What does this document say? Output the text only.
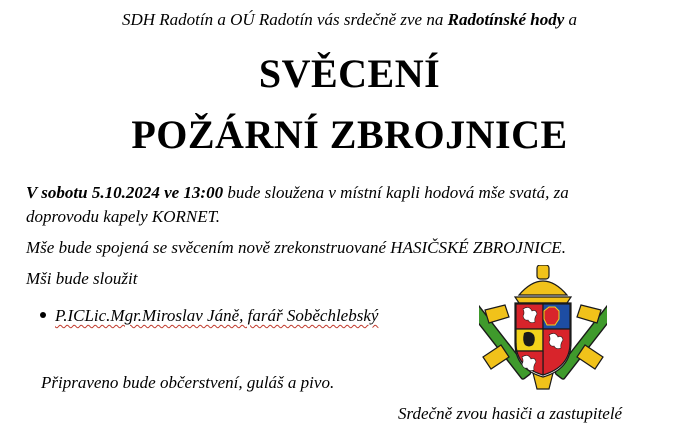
SDH Radotín a OÚ Radotín vás srdečně zve na Radotínské hody a
SVĚCENÍ
POŽÁRNÍ ZBROJNICE
V sobotu 5.10.2024 ve 13:00 bude sloužena v místní kapli hodová mše svatá, za
doprovodu kapely KORNET.
Mše bude spojená se svěcením nově zrekonstruované HASIČSKÉ ZBROJNICE.
Mši bude sloužit
P.ICLic.Mgr.Miroslav Jáně, farář Soběchlebský
Připraveno bude občerstvení, guláš a pivo.
Srdečně zvou hasiči a zastupitelé
